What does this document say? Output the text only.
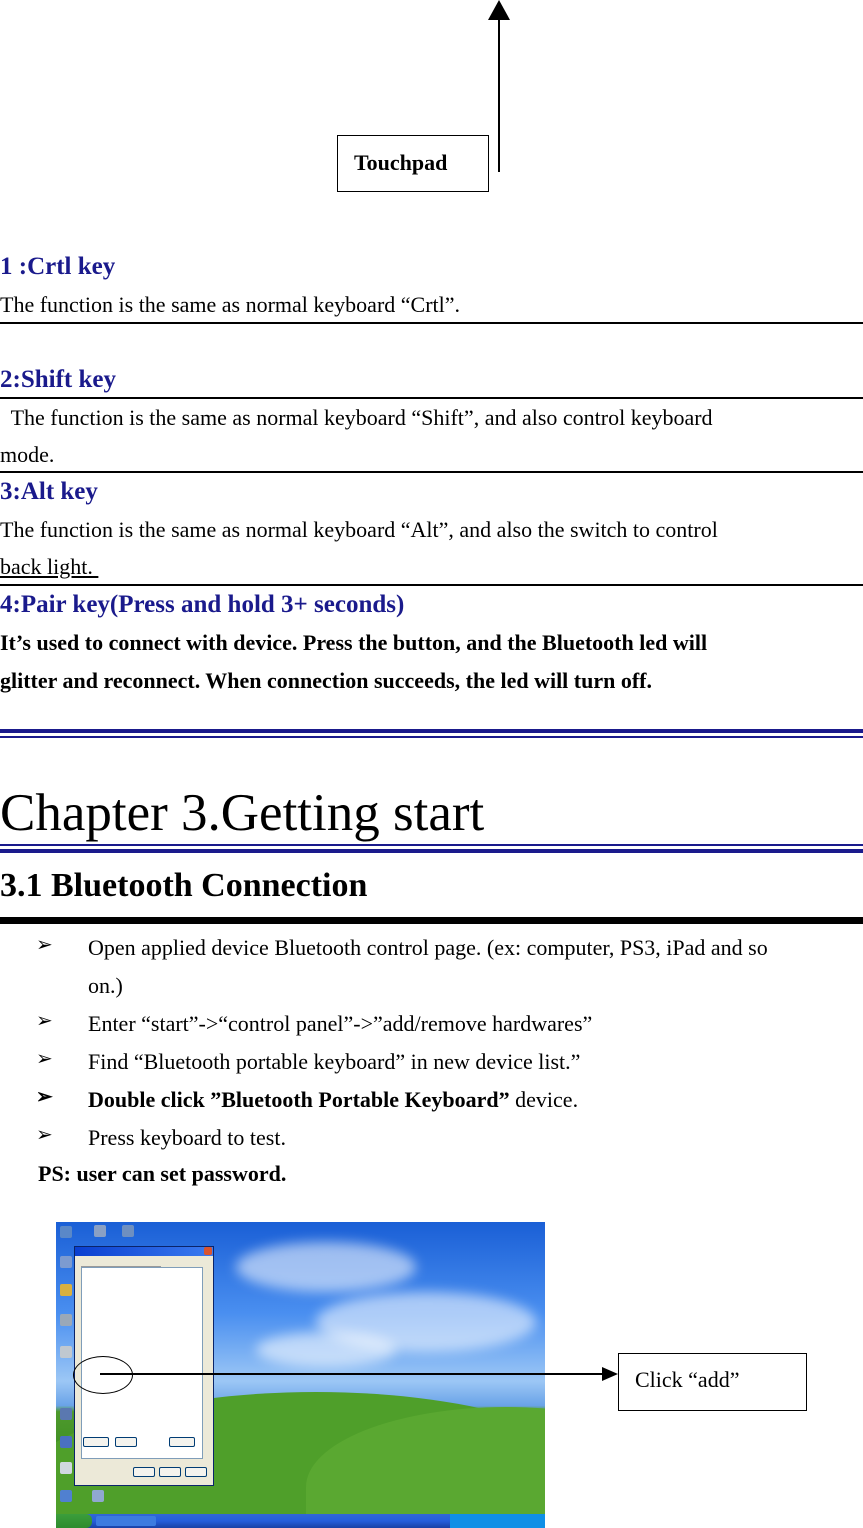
Touchpad
1 :Crtl key
The function is the same as normal keyboard “Crtl”.
2:Shift key
The function is the same as normal keyboard “Shift”, and also control keyboard
mode.
3:Alt key
The function is the same as normal keyboard “Alt”, and also the switch to control
back light.
4:Pair key(Press and hold 3+ seconds)
It’s used to connect with device. Press the button, and the Bluetooth led will
glitter and reconnect. When connection succeeds, the led will turn off.
Chapter 3.Getting start
3.1 Bluetooth Connection
➢ Open applied device Bluetooth control page. (ex: computer, PS3, iPad and so
on.)
➢ Enter “start”->“control panel”->”add/remove hardwares”
➢ Find “Bluetooth portable keyboard” in new device list.”
➢ Double click ”Bluetooth Portable Keyboard” device.
➢ Press keyboard to test.
PS: user can set password.
Click “add”
